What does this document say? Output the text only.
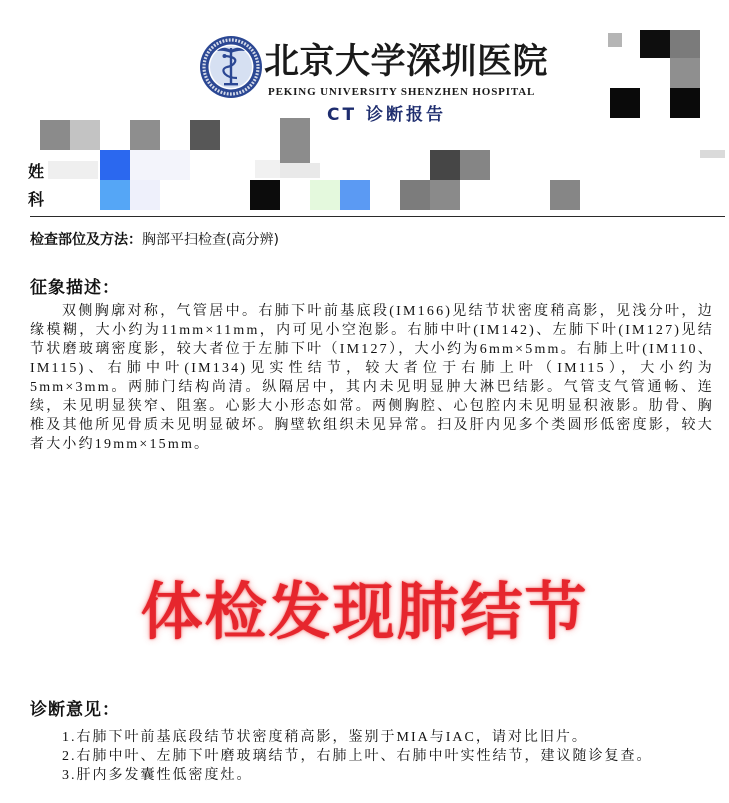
北京大学深圳医院
PEKING UNIVERSITY SHENZHEN HOSPITAL
CT 诊断报告
姓
科
检查部位及方法：胸部平扫检查(高分辨)
征象描述：

双侧胸廓对称，气管居中。右肺下叶前基底段(IM166)见结节状密度稍高影，见浅分叶，边缘模糊，大小约为11mm×11mm，内可见小空泡影。右肺中叶(IM142)、左肺下叶(IM127)见结节状磨玻璃密度影，较大者位于左肺下叶（IM127），大小约为6mm×5mm。右肺上叶(IM110、IM115)、右肺中叶(IM134)见实性结节，较大者位于右肺上叶（IM115），大小约为5mm×3mm。两肺门结构尚清。纵隔居中，其内未见明显肿大淋巴结影。气管支气管通畅、连续，未见明显狭窄、阻塞。心影大小形态如常。两侧胸腔、心包腔内未见明显积液影。肋骨、胸椎及其他所见骨质未见明显破坏。胸壁软组织未见异常。扫及肝内见多个类圆形低密度影，较大者大小约19mm×15mm。

体检发现肺结节
诊断意见：
1.右肺下叶前基底段结节状密度稍高影，鉴别于MIA与IAC，请对比旧片。
2.右肺中叶、左肺下叶磨玻璃结节，右肺上叶、右肺中叶实性结节，建议随诊复查。
3.肝内多发囊性低密度灶。
